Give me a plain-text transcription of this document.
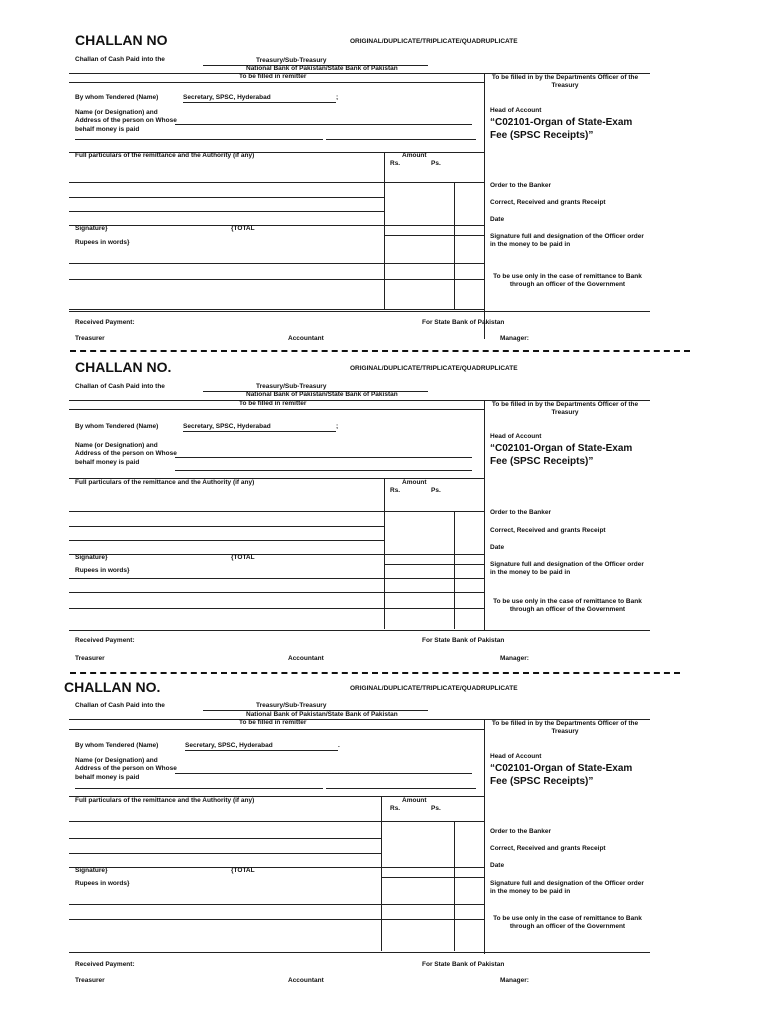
CHALLAN NO	ORIGINAL/DUPLICATE/TRIPLICATE/QUADRUPLICATE
Challan of Cash Paid into the	Treasury/Sub-Treasury
National Bank of Pakistan/State Bank of Pakistan
To be filled in remitter	To be filled in by the Departments Officer of the Treasury
By whom Tendered (Name)	Secretary, SPSC, Hyderabad	;
Name (or Designation) and Address of the person on Whose behalf money is paid
Head of Account
“C02101-Organ of State-Exam Fee (SPSC Receipts)”
Full particulars of the remittance and the Authority (if any)	Amount
Rs.	Ps.
Signature}	{TOTAL
Rupees in words}
Order to the Banker
Correct, Received and grants Receipt
Date
Signature full and designation of the Officer order in the money to be paid in
To be use only in the case of remittance to Bank through an officer of the Government
Received Payment:	For State Bank of Pakistan
Treasurer	Accountant	Manager:
CHALLAN NO.	ORIGINAL/DUPLICATE/TRIPLICATE/QUADRUPLICATE
Challan of Cash Paid into the	Treasury/Sub-Treasury
National Bank of Pakistan/State Bank of Pakistan
To be filled in remitter	To be filled in by the Departments Officer of the Treasury
By whom Tendered (Name)	Secretary, SPSC, Hyderabad	;
Name (or Designation) and Address of the person on Whose behalf money is paid
Head of Account
“C02101-Organ of State-Exam Fee (SPSC Receipts)”
Full particulars of the remittance and the Authority (if any)	Amount
Rs.	Ps.
Signature}	{TOTAL
Rupees in words}
Order to the Banker
Correct, Received and grants Receipt
Date
Signature full and designation of the Officer order in the money to be paid in
To be use only in the case of remittance to Bank through an officer of the Government
Received Payment:	For State Bank of Pakistan
Treasurer	Accountant	Manager:
CHALLAN NO.	ORIGINAL/DUPLICATE/TRIPLICATE/QUADRUPLICATE
Challan of Cash Paid into the	Treasury/Sub-Treasury
National Bank of Pakistan/State Bank of Pakistan
To be filled in remitter	To be filled in by the Departments Officer of the Treasury
By whom Tendered (Name)	Secretary, SPSC, Hyderabad	.
Name (or Designation) and Address of the person on Whose behalf money is paid
Head of Account
“C02101-Organ of State-Exam Fee (SPSC Receipts)”
Full particulars of the remittance and the Authority (if any)	Amount
Rs.	Ps.
Signature}	{TOTAL
Rupees in words}
Order to the Banker
Correct, Received and grants Receipt
Date
Signature full and designation of the Officer order in the money to be paid in
To be use only in the case of remittance to Bank through an officer of the Government
Received Payment:	For State Bank of Pakistan
Treasurer	Accountant	Manager:
